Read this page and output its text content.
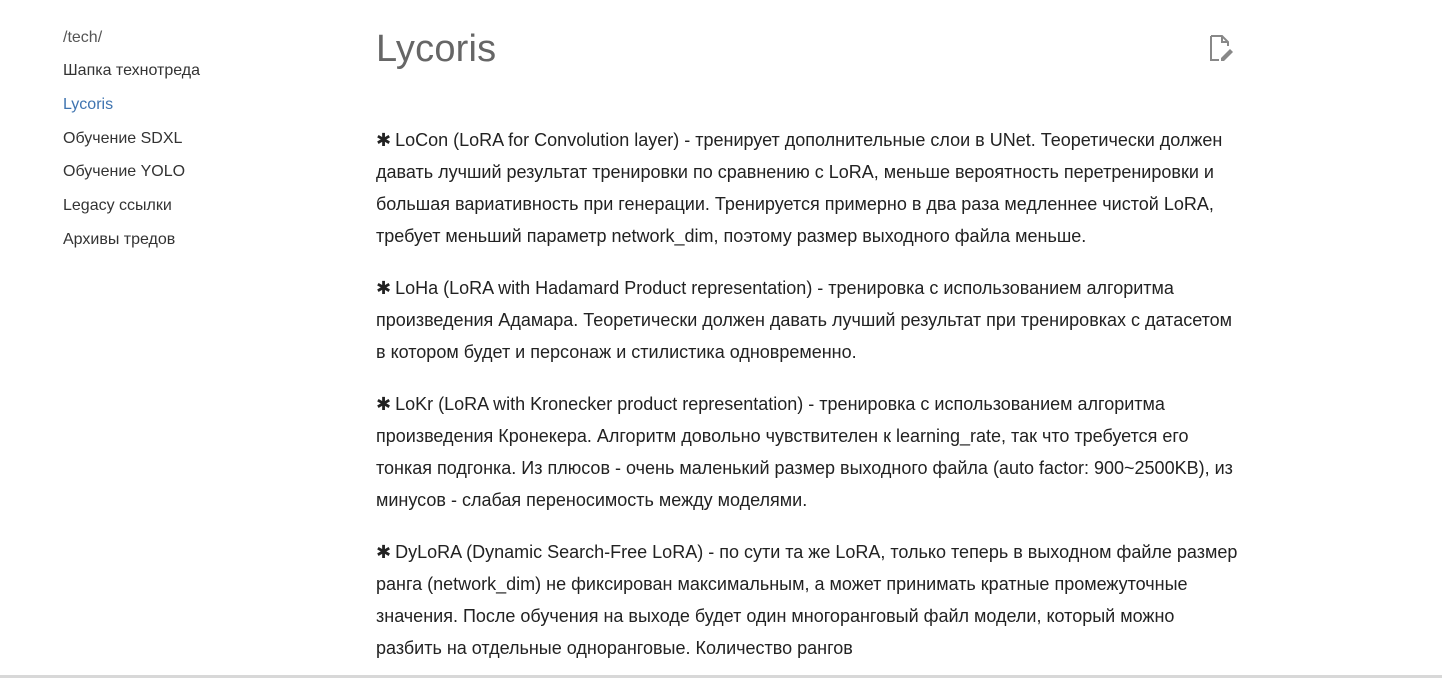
/tech/
Шапка технотреда
Lycoris
Обучение SDXL
Обучение YOLO
Legacy ссылки
Архивы тредов
Lycoris

✱ LoCon (LoRA for Convolution layer) - тренирует дополнительные слои в UNet. Теоретически должен давать лучший результат тренировки по сравнению с LoRA, меньше вероятность перетренировки и большая вариативность при генерации. Тренируется примерно в два раза медленнее чистой LoRA, требует меньший параметр network_dim, поэтому размер выходного файла меньше.

✱ LoHa (LoRA with Hadamard Product representation) - тренировка с использованием алгоритма произведения Адамара. Теоретически должен давать лучший результат при тренировках с датасетом в котором будет и персонаж и стилистика одновременно.

✱ LoKr (LoRA with Kronecker product representation) - тренировка с использованием алгоритма произведения Кронекера. Алгоритм довольно чувствителен к learning_rate, так что требуется его тонкая подгонка. Из плюсов - очень маленький размер выходного файла (auto factor: 900~2500KB), из минусов - слабая переносимость между моделями.

✱ DyLoRA (Dynamic Search-Free LoRA) - по сути та же LoRA, только теперь в выходном файле размер ранга (network_dim) не фиксирован максимальным, а может принимать кратные промежуточные значения. После обучения на выходе будет один многоранговый файл модели, который можно разбить на отдельные одноранговые. Количество рангов
